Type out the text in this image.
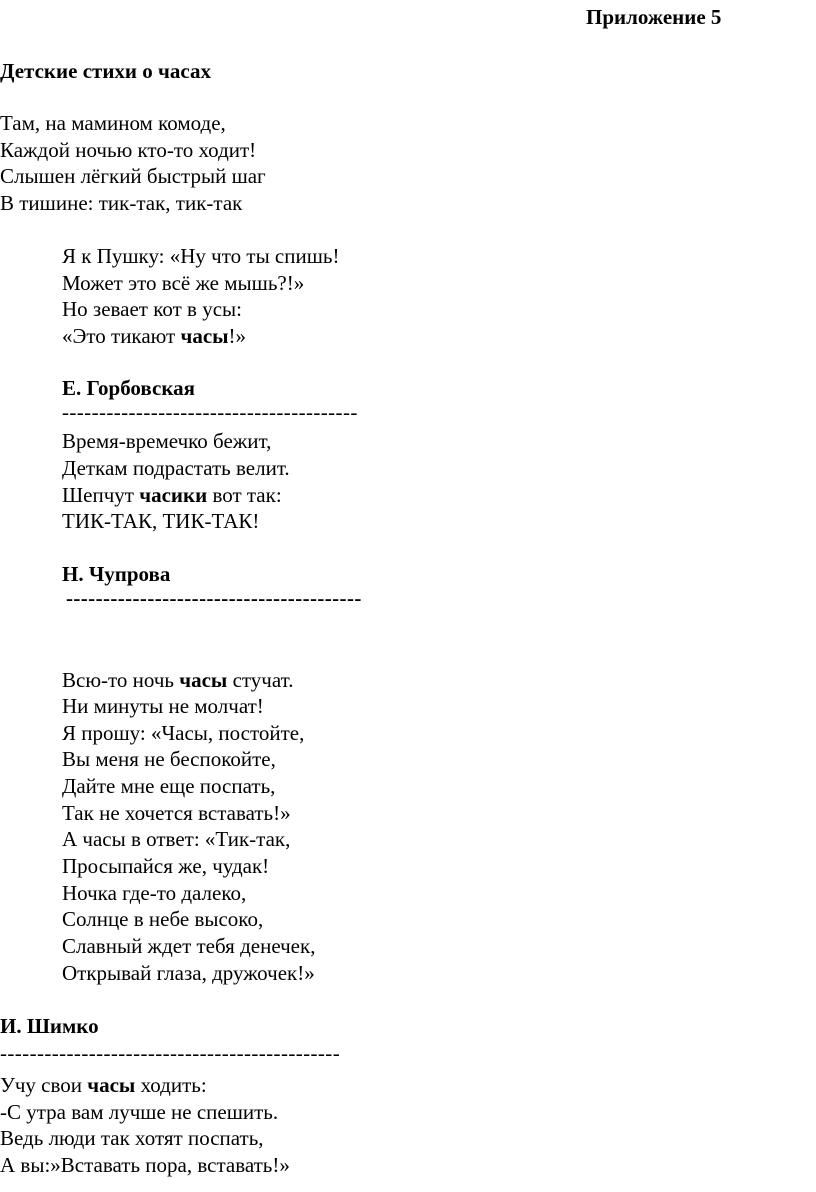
Приложение 5

Детские стихи о часах

Там, на мамином комоде,

Каждой ночью кто-то ходит!

Слышен лёгкий быстрый шаг

В тишине: тик-так, тик-так

Я к Пушку: «Ну что ты спишь!

Может это всё же мышь?!»

Но зевает кот в усы:

«Это тикают часы!»

Е. Горбовская

----------------------------------------

Время-времечко бежит,

Деткам подрастать велит.

Шепчут часики вот так:

ТИК-ТАК, ТИК-ТАК!

Н. Чупрова

----------------------------------------

Всю-то ночь часы стучат.

Ни минуты не молчат!

Я прошу: «Часы, постойте,

Вы меня не беспокойте,

Дайте мне еще поспать,

Так не хочется вставать!»

А часы в ответ: «Тик-так,

Просыпайся же, чудак!

Ночка где-то далеко,

Солнце в небе высоко,

Славный ждет тебя денечек,

Открывай глаза, дружочек!»

И. Шимко

----------------------------------------------

Учу свои часы ходить:

-С утра вам лучше не спешить.

Ведь люди так хотят поспать,

А вы:»Вставать пора, вставать!»
